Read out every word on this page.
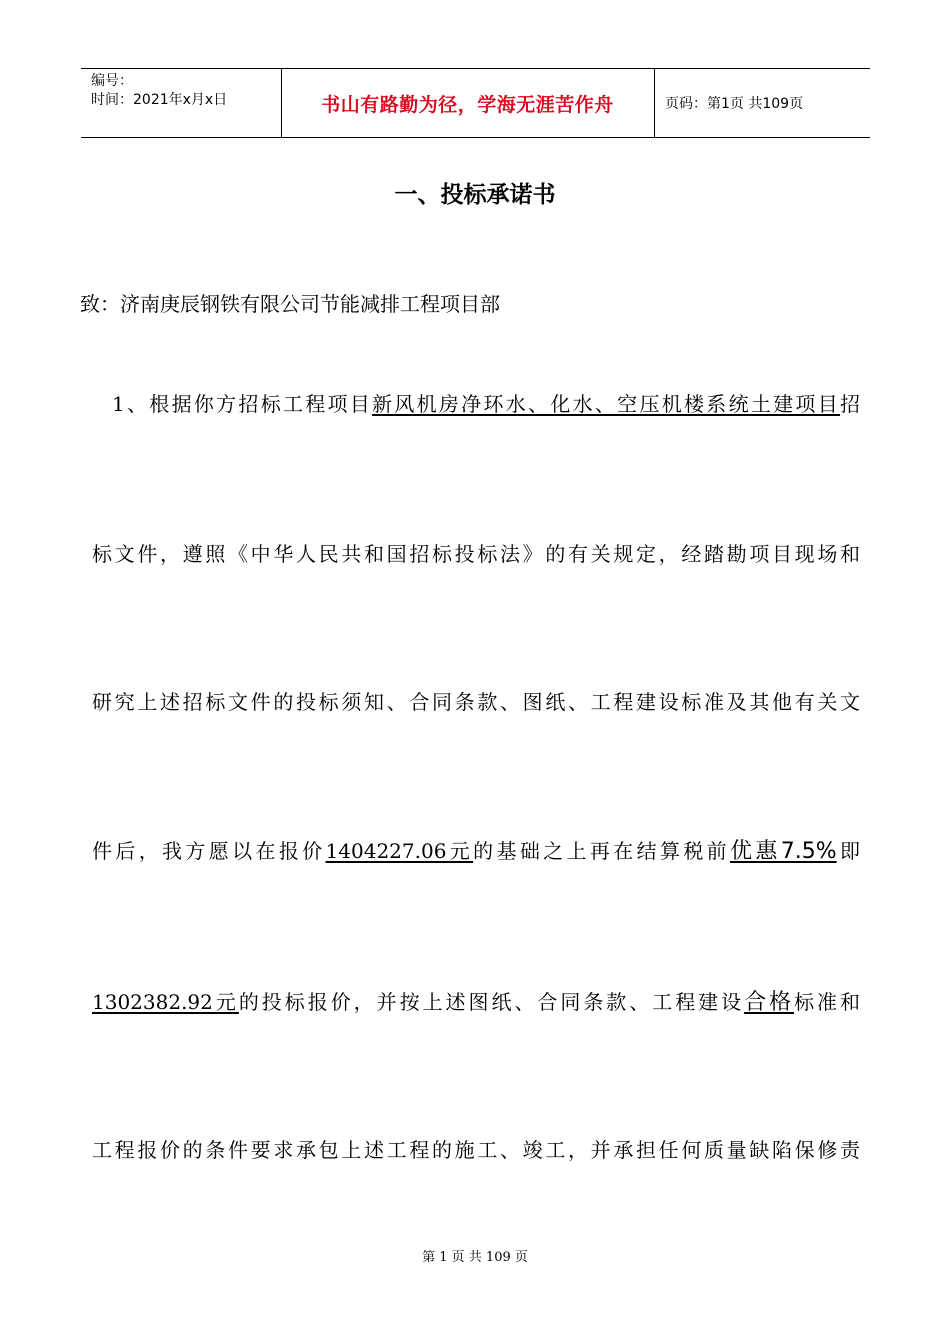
编号：
时间：2021年x月x日	书山有路勤为径，学海无涯苦作舟	页码：第1页 共109页
一、投标承诺书
致：济南庚辰钢铁有限公司节能减排工程项目部
1、根据你方招标工程项目新风机房净环水、化水、空压机楼系统土建项目招
标文件，遵照《中华人民共和国招标投标法》的有关规定，经踏勘项目现场和
研究上述招标文件的投标须知、合同条款、图纸、工程建设标准及其他有关文
件后，我方愿以在报价1404227.06元的基础之上再在结算税前优惠7.5%即
1302382.92元的投标报价，并按上述图纸、合同条款、工程建设合格标准和
工程报价的条件要求承包上述工程的施工、竣工，并承担任何质量缺陷保修责
第 1 页 共 109 页
